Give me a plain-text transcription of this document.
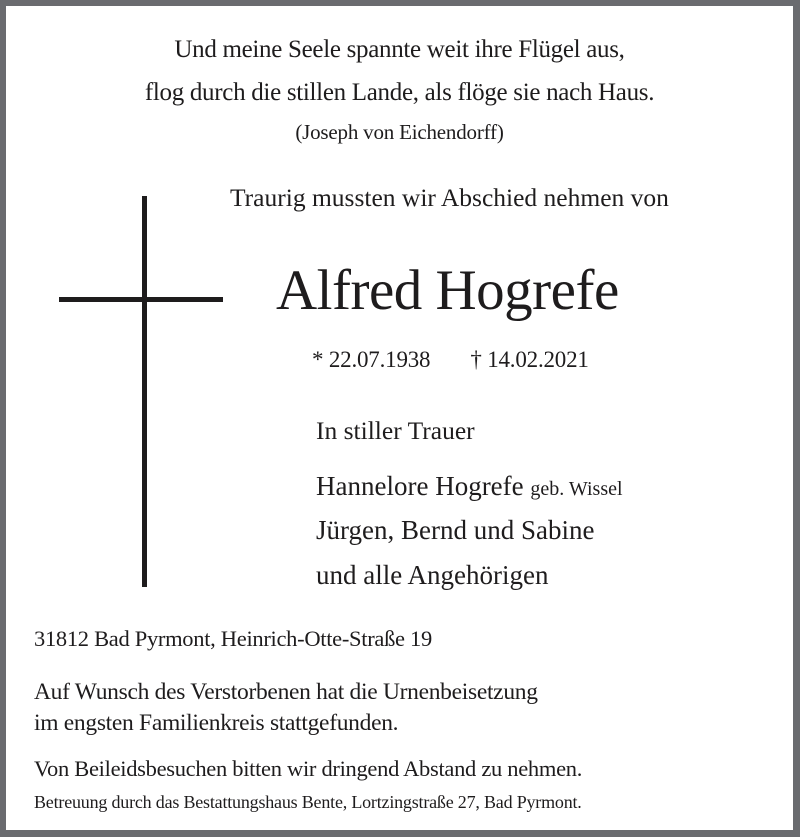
Und meine Seele spannte weit ihre Flügel aus,
flog durch die stillen Lande, als flöge sie nach Haus.
(Joseph von Eichendorff)
Traurig mussten wir Abschied nehmen von
Alfred Hogrefe
* 22.07.1938 † 14.02.2021
In stiller Trauer
Hannelore Hogrefe geb. Wissel
Jürgen, Bernd und Sabine
und alle Angehörigen
31812 Bad Pyrmont, Heinrich-Otte-Straße 19
Auf Wunsch des Verstorbenen hat die Urnenbeisetzung
im engsten Familienkreis stattgefunden.
Von Beileidsbesuchen bitten wir dringend Abstand zu nehmen.
Betreuung durch das Bestattungshaus Bente, Lortzingstraße 27, Bad Pyrmont.
